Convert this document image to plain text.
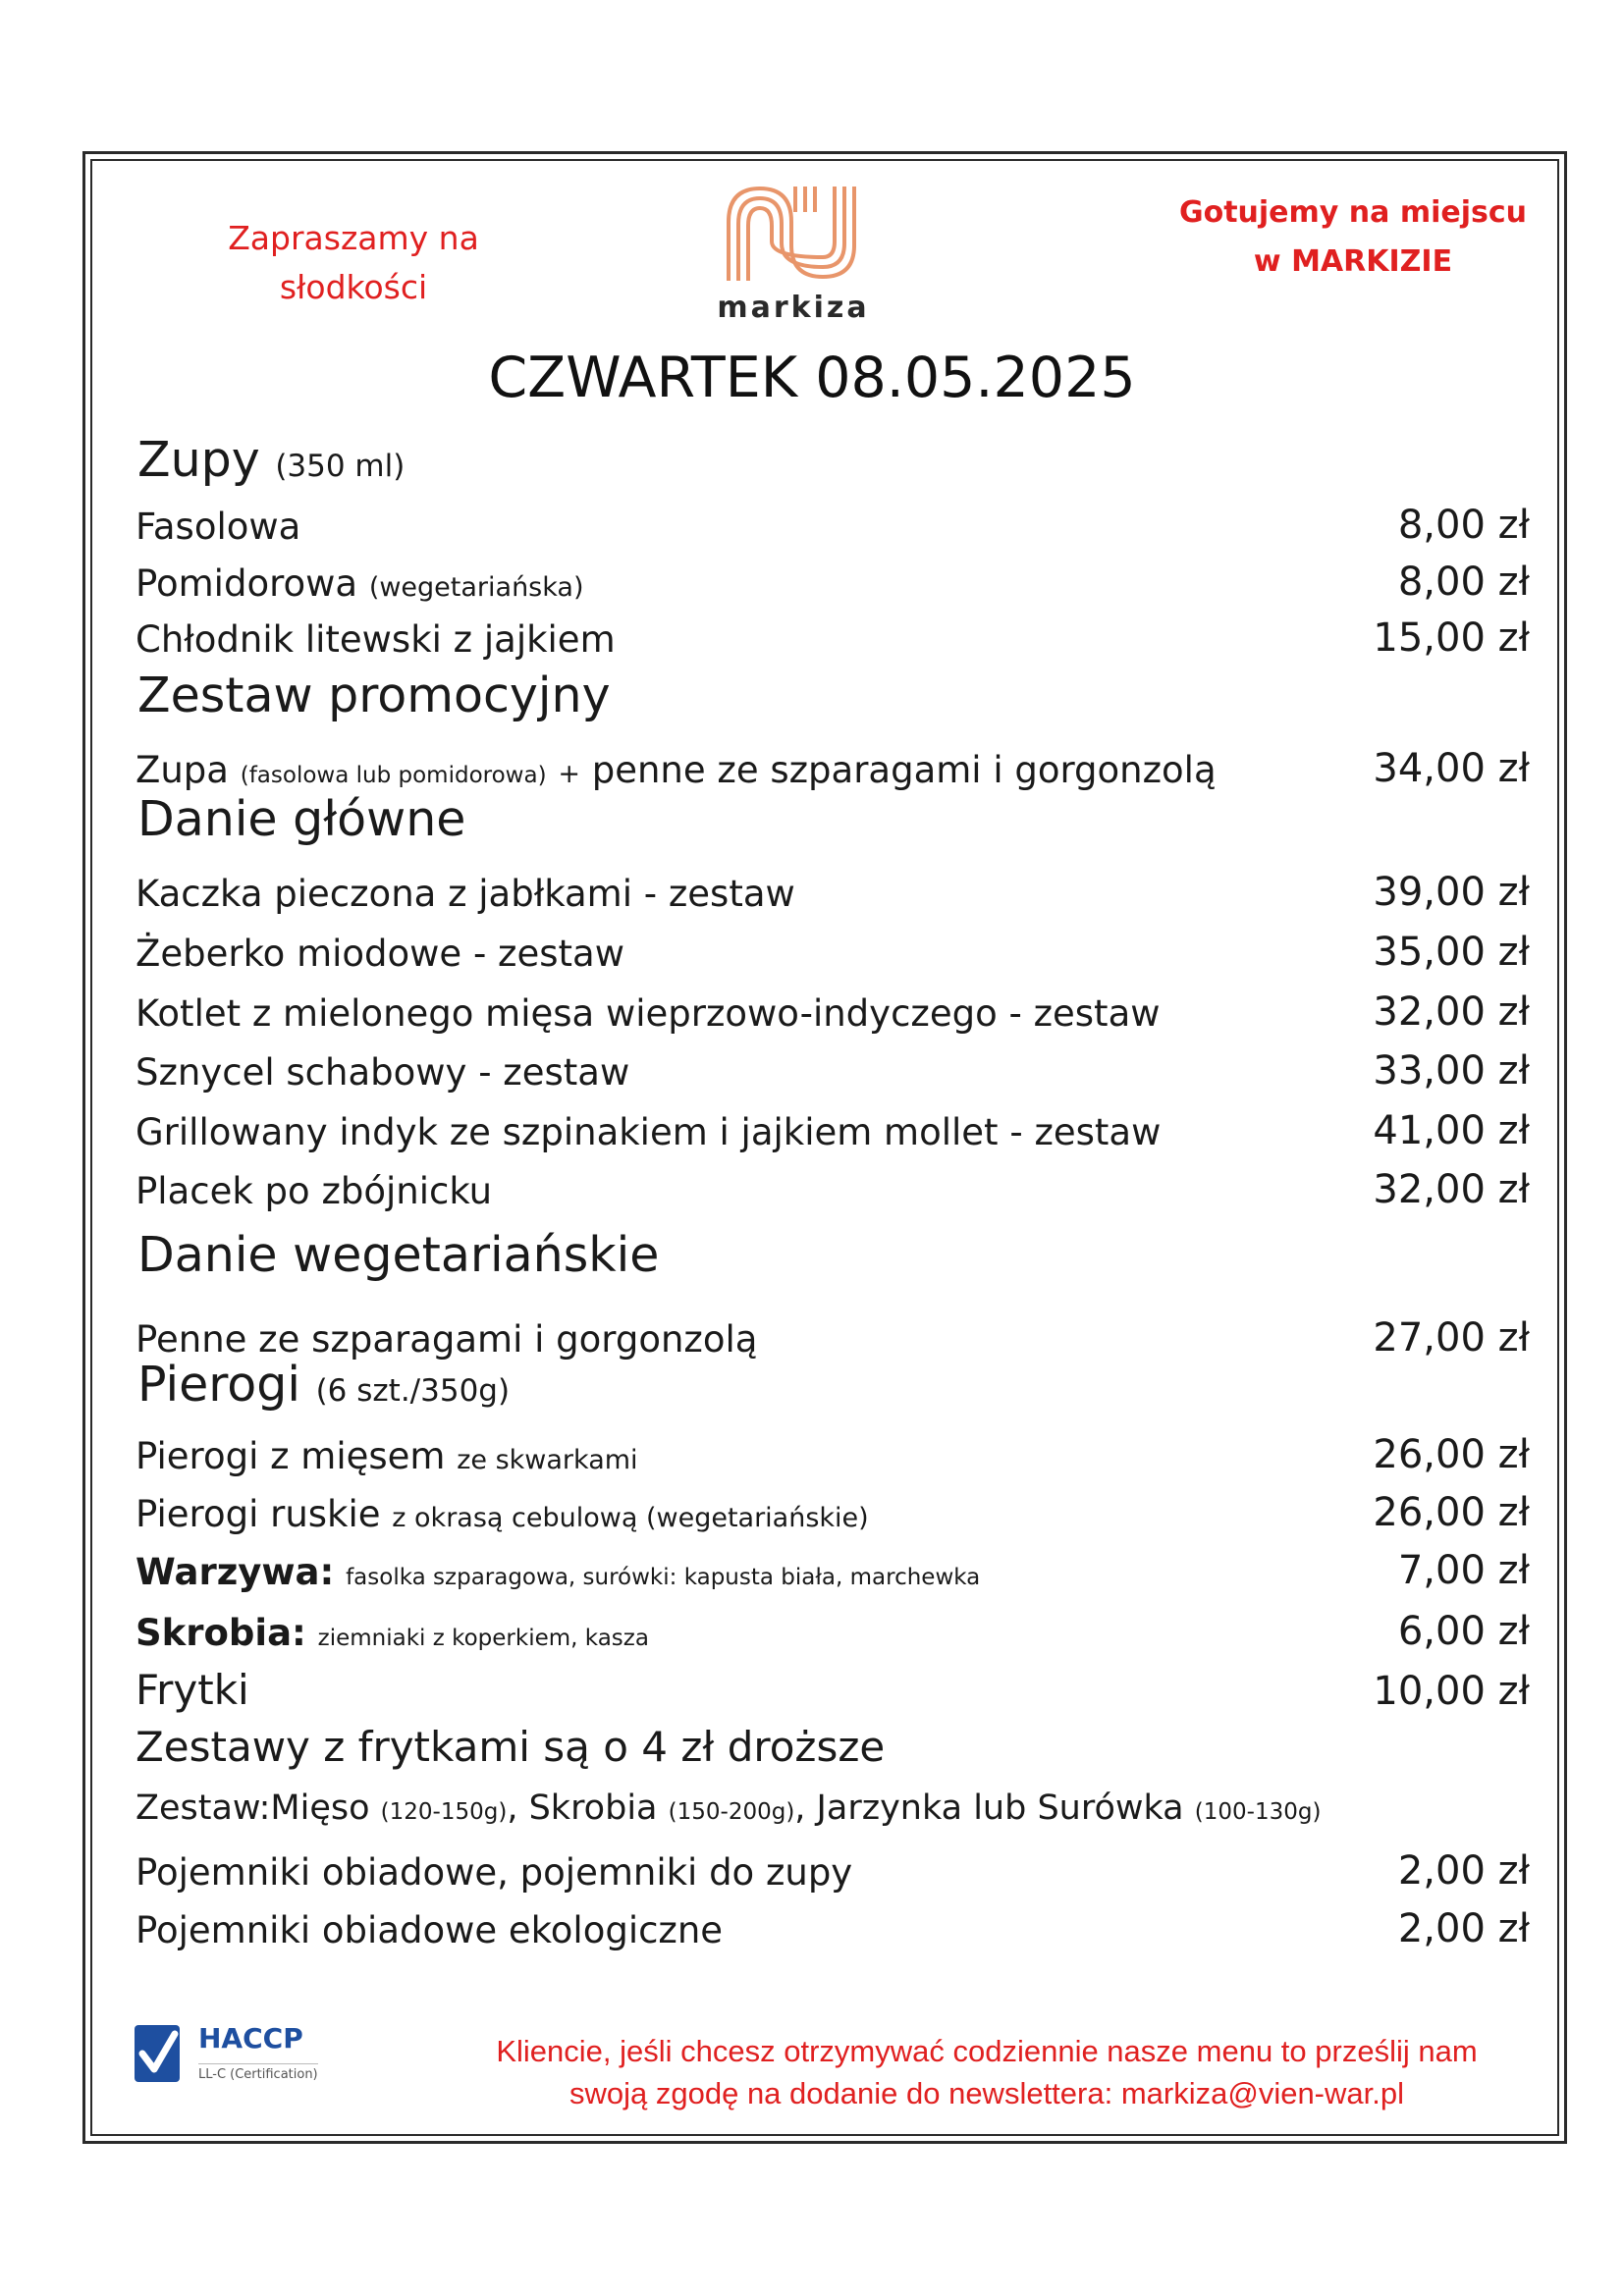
Zapraszamy na
słodkości
markiza
Gotujemy na miejscu
w MARKIZIE
CZWARTEK 08.05.2025
Zupy (350 ml)
Fasolowa	8,00 zł
Pomidorowa (wegetariańska)	8,00 zł
Chłodnik litewski z jajkiem	15,00 zł
Zestaw promocyjny
Zupa (fasolowa lub pomidorowa) + penne ze szparagami i gorgonzolą	34,00 zł
Danie główne
Kaczka pieczona z jabłkami - zestaw	39,00 zł
Żeberko miodowe - zestaw	35,00 zł
Kotlet z mielonego mięsa wieprzowo-indyczego - zestaw	32,00 zł
Sznycel schabowy - zestaw	33,00 zł
Grillowany indyk ze szpinakiem i jajkiem mollet - zestaw	41,00 zł
Placek po zbójnicku	32,00 zł
Danie wegetariańskie
Penne ze szparagami i gorgonzolą	27,00 zł
Pierogi (6 szt./350g)
Pierogi z mięsem ze skwarkami	26,00 zł
Pierogi ruskie z okrasą cebulową (wegetariańskie)	26,00 zł
Warzywa: fasolka szparagowa, surówki: kapusta biała, marchewka	7,00 zł
Skrobia: ziemniaki z koperkiem, kasza	6,00 zł
Frytki	10,00 zł
Zestawy z frytkami są o 4 zł droższe
Zestaw:Mięso (120-150g), Skrobia (150-200g), Jarzynka lub Surówka (100-130g)
Pojemniki obiadowe, pojemniki do zupy	2,00 zł
Pojemniki obiadowe ekologiczne	2,00 zł
HACCP
LL-C (Certification)
Kliencie, jeśli chcesz otrzymywać codziennie nasze menu to prześlij nam
swoją zgodę na dodanie do newslettera: markiza@vien-war.pl
